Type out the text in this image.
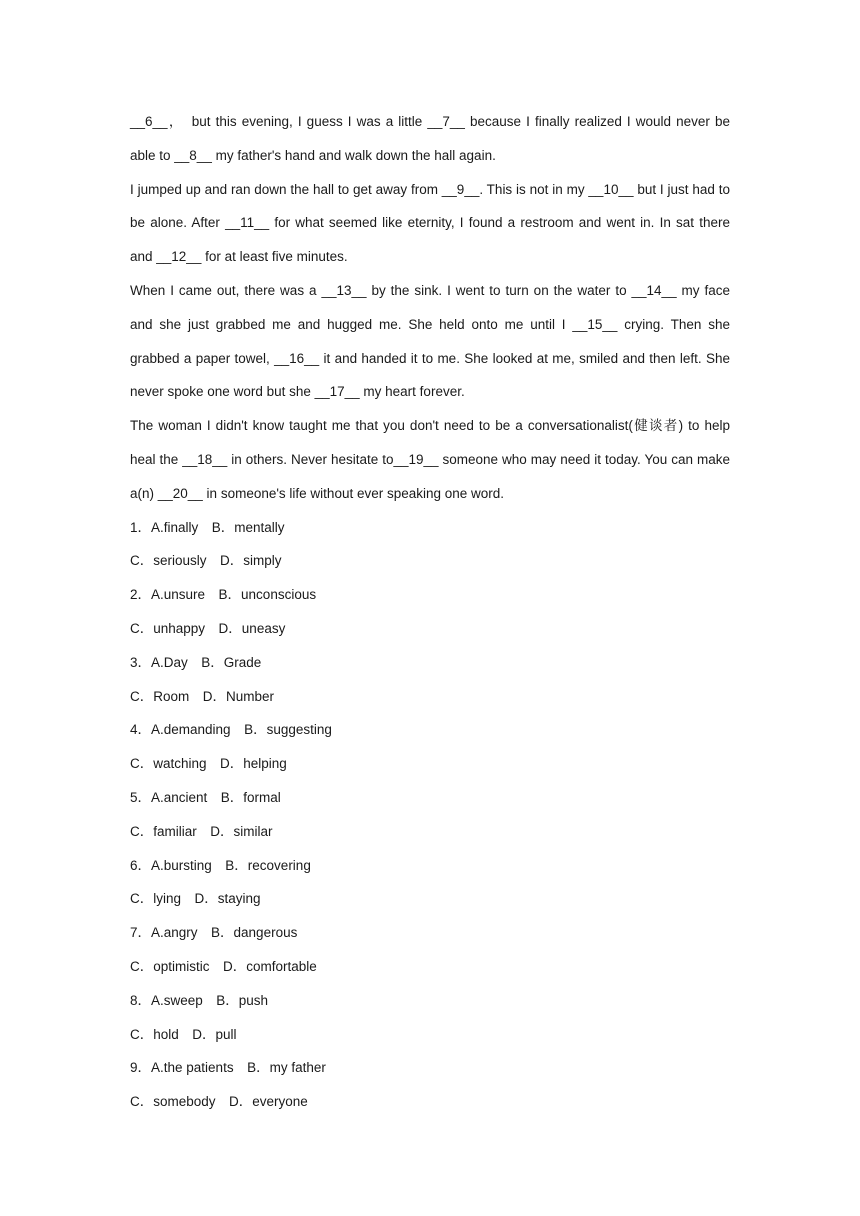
__6__，　but this evening, I guess I was a little __7__ because I finally realized I would never be able to __8__ my father's hand and walk down the hall again.

I jumped up and ran down the hall to get away from __9__. This is not in my __10__ but I just had to be alone. After __11__ for what seemed like eternity, I found a restroom and went in. In sat there and __12__ for at least five minutes.

When I came out, there was a __13__ by the sink. I went to turn on the water to __14__ my face and she just grabbed me and hugged me. She held onto me until I __15__ crying. Then she grabbed a paper towel, __16__ it and handed it to me. She looked at me, smiled and then left. She never spoke one word but she __17__ my heart forever.

The woman I didn't know taught me that you don't need to be a conversationalist(健谈者) to help heal the __18__ in others. Never hesitate to__19__ someone who may need it today. You can make a(n) __20__ in someone's life without ever speaking one word.

1．A.finally　B．mentally

C．seriously　D．simply

2．A.unsure　B．unconscious

C．unhappy　D．uneasy

3．A.Day　B．Grade

C．Room　D．Number

4．A.demanding　B．suggesting

C．watching　D．helping

5．A.ancient　B．formal

C．familiar　D．similar

6．A.bursting　B．recovering

C．lying　D．staying

7．A.angry　B．dangerous

C．optimistic　D．comfortable

8．A.sweep　B．push

C．hold　D．pull

9．A.the patients　B．my father

C．somebody　D．everyone
